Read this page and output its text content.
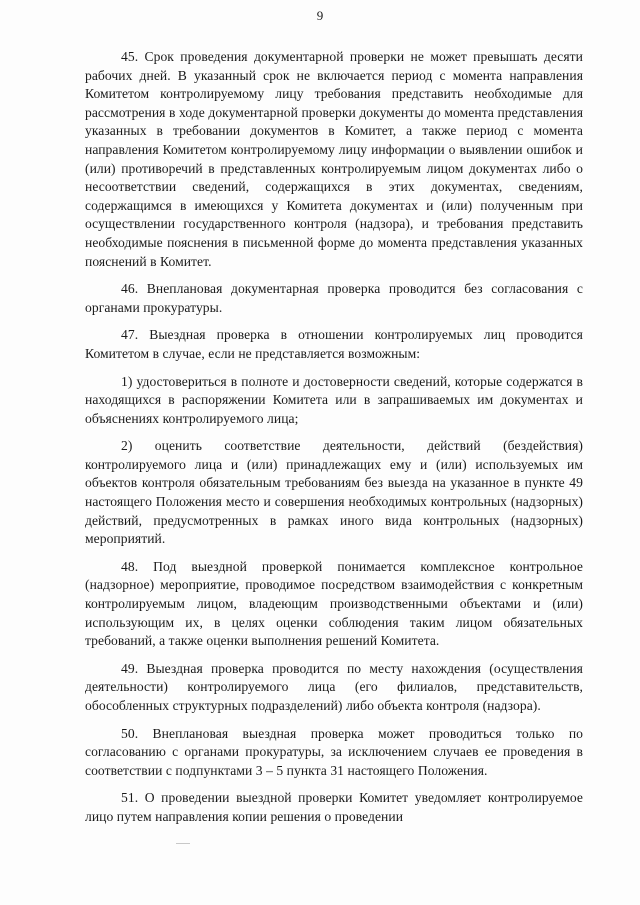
9

45. Срок проведения документарной проверки не может превышать десяти рабочих дней. В указанный срок не включается период с момента направления Комитетом контролируемому лицу требования представить необходимые для рассмотрения в ходе документарной проверки документы до момента представления указанных в требовании документов в Комитет, а также период с момента направления Комитетом контролируемому лицу информации о выявлении ошибок и (или) противоречий в представленных контролируемым лицом документах либо о несоответствии сведений, содержащихся в этих документах, сведениям, содержащимся в имеющихся у Комитета документах и (или) полученным при осуществлении государственного контроля (надзора), и требования представить необходимые пояснения в письменной форме до момента представления указанных пояснений в Комитет.

46. Внеплановая документарная проверка проводится без согласования с органами прокуратуры.

47. Выездная проверка в отношении контролируемых лиц проводится Комитетом в случае, если не представляется возможным:

1) удостовериться в полноте и достоверности сведений, которые содержатся в находящихся в распоряжении Комитета или в запрашиваемых им документах и объяснениях контролируемого лица;

2) оценить соответствие деятельности, действий (бездействия) контролируемого лица и (или) принадлежащих ему и (или) используемых им объектов контроля обязательным требованиям без выезда на указанное в пункте 49 настоящего Положения место и совершения необходимых контрольных (надзорных) действий, предусмотренных в рамках иного вида контрольных (надзорных) мероприятий.

48. Под выездной проверкой понимается комплексное контрольное (надзорное) мероприятие, проводимое посредством взаимодействия с конкретным контролируемым лицом, владеющим производственными объектами и (или) использующим их, в целях оценки соблюдения таким лицом обязательных требований, а также оценки выполнения решений Комитета.

49. Выездная проверка проводится по месту нахождения (осуществления деятельности) контролируемого лица (его филиалов, представительств, обособленных структурных подразделений) либо объекта контроля (надзора).

50. Внеплановая выездная проверка может проводиться только по согласованию с органами прокуратуры, за исключением случаев ее проведения в соответствии с подпунктами 3 – 5 пункта 31 настоящего Положения.

51. О проведении выездной проверки Комитет уведомляет контролируемое лицо путем направления копии решения о проведении
